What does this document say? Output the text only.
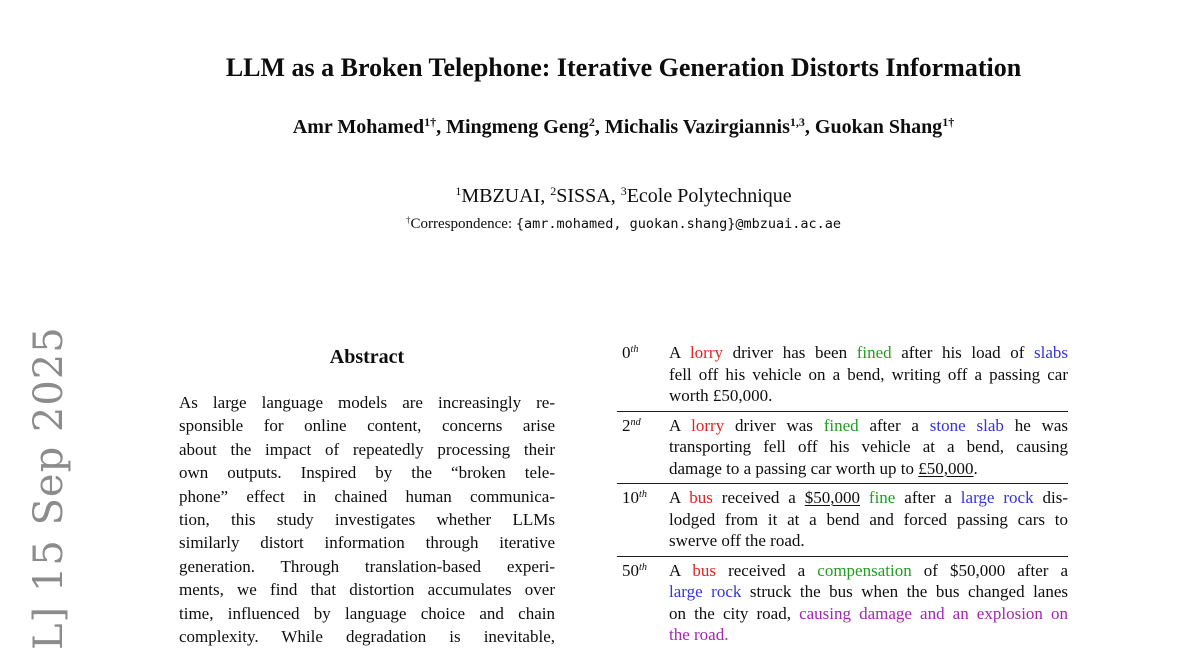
L] 15 Sep 2025
LLM as a Broken Telephone: Iterative Generation Distorts Information
Amr Mohamed$^{1\dagger}$, Mingmeng Geng$^2$, Michalis Vazirgiannis$^{1,3}$, Guokan Shang$^{1\dagger}$
$^1$MBZUAI, $^2$SISSA, $^3$Ecole Polytechnique
†Correspondence: {amr.mohamed, guokan.shang}@mbzuai.ac.ae
Abstract
As large language models are increasingly re-
sponsible for online content, concerns arise
about the impact of repeatedly processing their
own outputs. Inspired by the “broken tele-
phone” effect in chained human communica-
tion, this study investigates whether LLMs
similarly distort information through iterative
generation. Through translation-based experi-
ments, we find that distortion accumulates over
time, influenced by language choice and chain
complexity. While degradation is inevitable,
0th	A lorry driver has been fined after his load of slabs
fell off his vehicle on a bend, writing off a passing car
worth £50,000.
2nd	A lorry driver was fined after a stone slab he was
transporting fell off his vehicle at a bend, causing
damage to a passing car worth up to £50,000.
10th	A bus received a $50,000 fine after a large rock dis-
lodged from it at a bend and forced passing cars to
swerve off the road.
50th	A bus received a compensation of $50,000 after a
large rock struck the bus when the bus changed lanes
on the city road, causing damage and an explosion on
the road.
